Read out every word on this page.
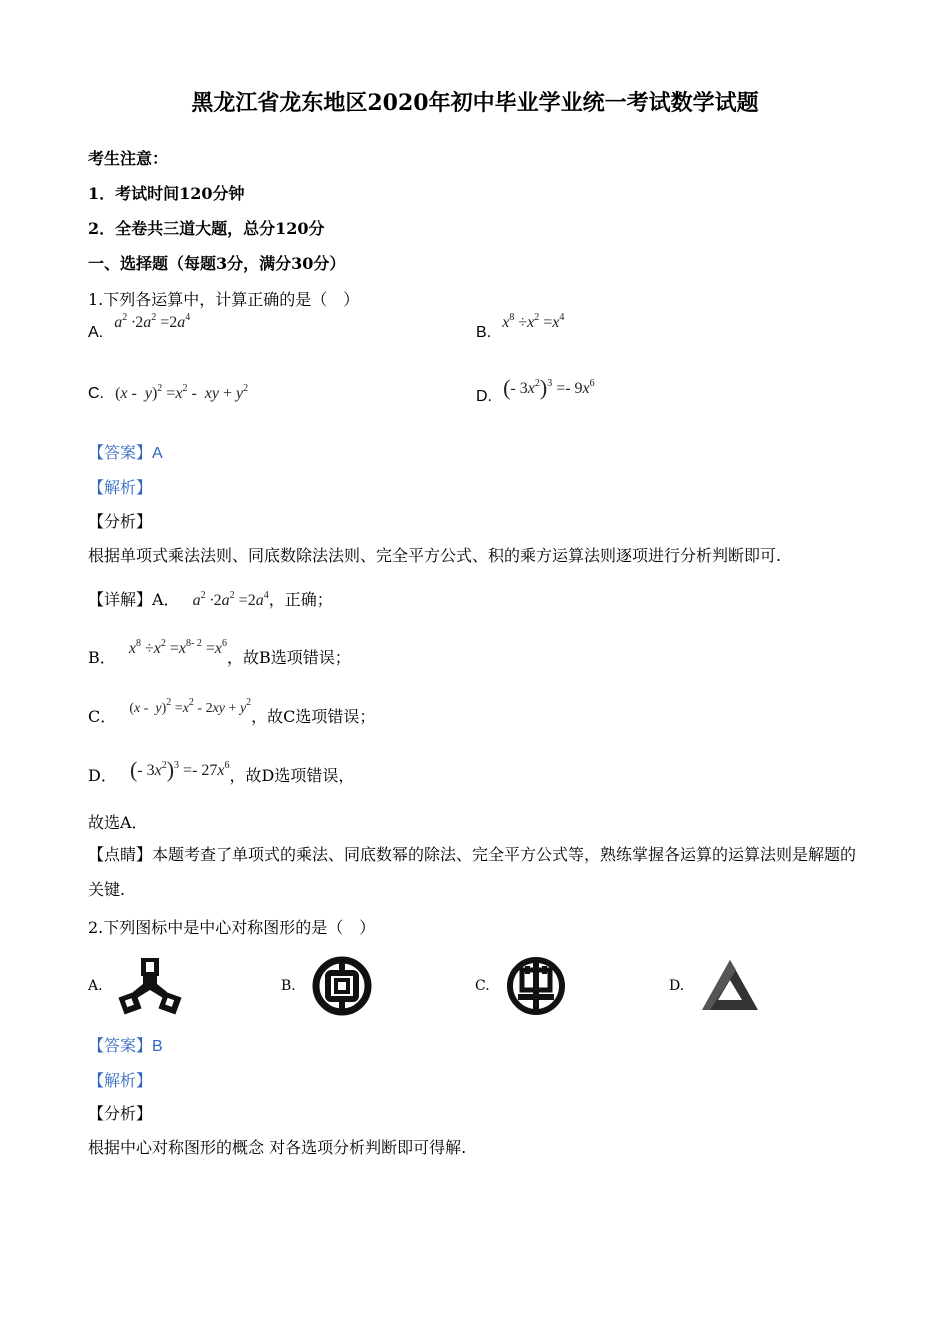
黑龙江省龙东地区2020年初中毕业学业统一考试数学试题
考生注意：
1．考试时间120分钟
2．全卷共三道大题，总分120分
一、选择题（每题3分，满分30分）
1.下列各运算中，计算正确的是（　）
A. $a^2 \cdot 2a^2 =2a^4$
B. $x^8 \div x^2 =x^4$
C. $(x - y)^2 =x^2$ -  xy + $y^2$	D. (- $3x^2)^3 =- 9x^6$
【答案】A
【解析】
【分析】
根据单项式乘法法则、同底数除法法则、完全平方公式、积的乘方运算法则逐项进行分析判断即可.
【详解】A． $a^2 \cdot 2a^2 =2a^4$，正确；
B． $x^8 \div x^2 =x^{8- 2} =x^6$，故B选项错误；
C． $(x - y)^2 =x^2 - 2xy + y^2$，故C选项错误；
D． (- $3x^2)^3 =- 27x^6$，故D选项错误，
故选A．
【点睛】本题考查了单项式的乘法、同底数幂的除法、完全平方公式等，熟练掌握各运算的运算法则是解题的关键.
2.下列图标中是中心对称图形的是（　）
A.	B.	C.	D.
【答案】B
【解析】
【分析】
根据中心对称图形的概念 对各选项分析判断即可得解.
